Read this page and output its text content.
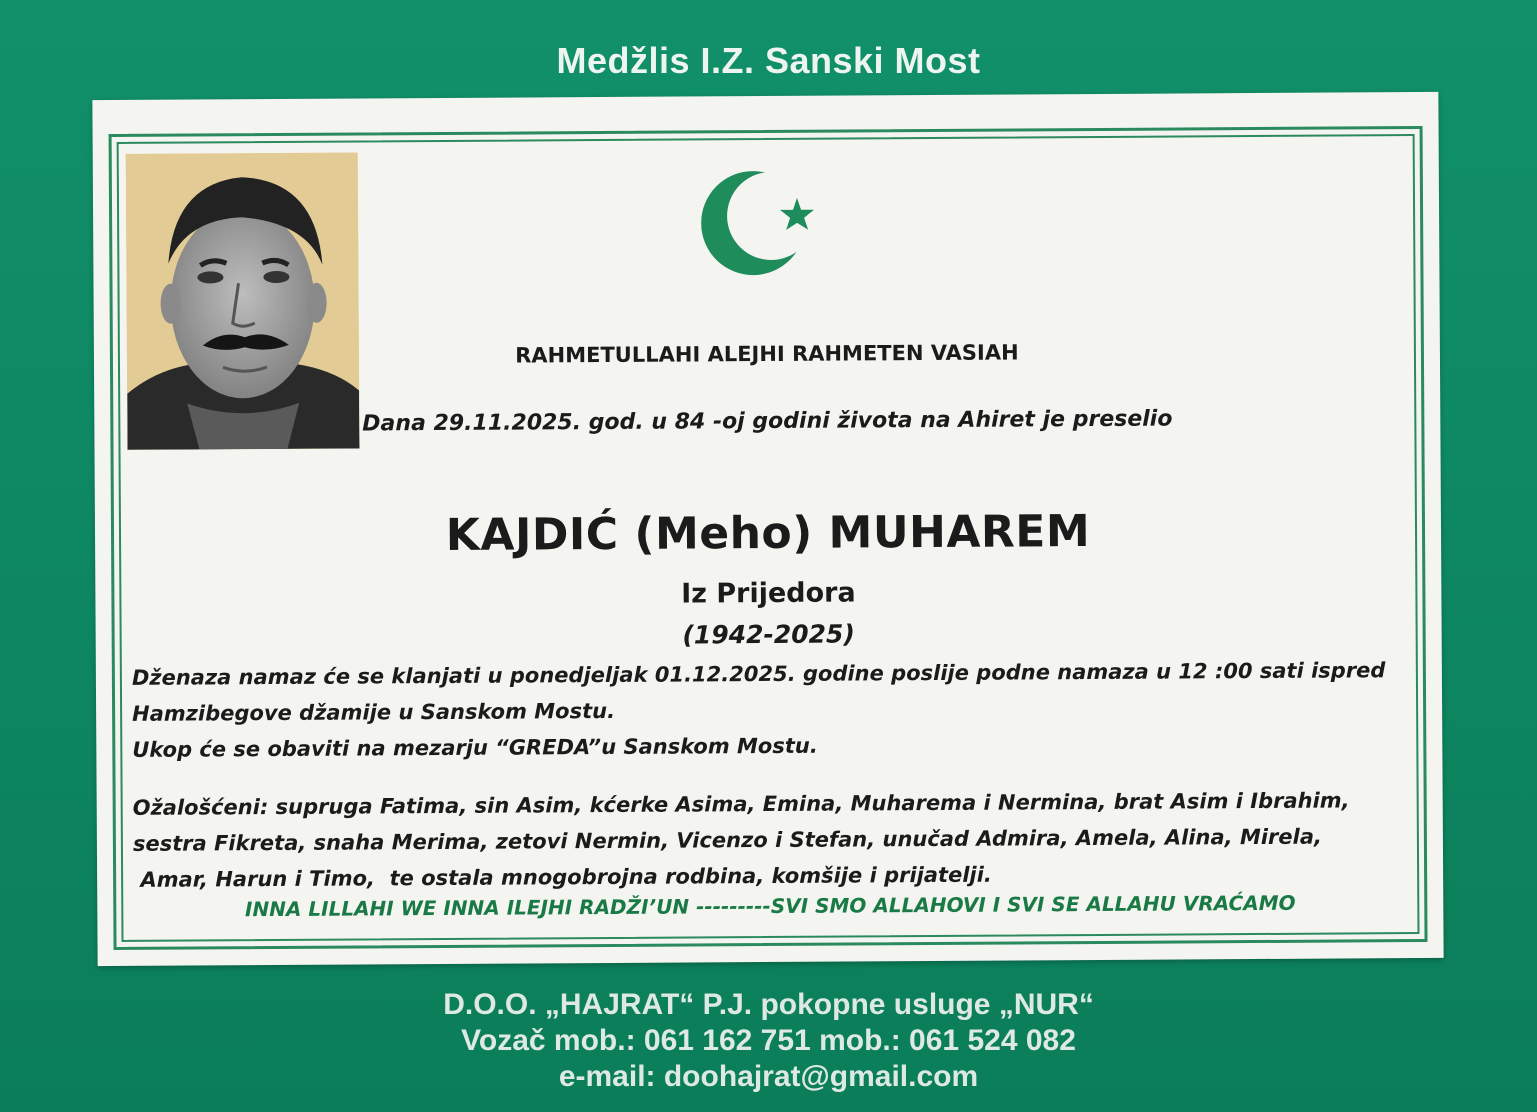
Medžlis I.Z. Sanski Most
RAHMETULLAHI ALEJHI RAHMETEN VASIAH
Dana 29.11.2025. god. u 84 -oj godini života na Ahiret je preselio
KAJDIĆ (Meho) MUHAREM
Iz Prijedora
(1942-2025)
Dženaza namaz će se klanjati u ponedjeljak 01.12.2025. godine poslije podne namaza u 12 :00 sati ispred
Hamzibegove džamije u Sanskom Mostu.
Ukop će se obaviti na mezarju “GREDA”u Sanskom Mostu.
Ožalošćeni: supruga Fatima, sin Asim, kćerke Asima, Emina, Muharema i Nermina, brat Asim i Ibrahim,
sestra Fikreta, snaha Merima, zetovi Nermin, Vicenzo i Stefan, unučad Admira, Amela, Alina, Mirela,
Amar, Harun i Timo,  te ostala mnogobrojna rodbina, komšije i prijatelji.
INNA LILLAHI WE INNA ILEJHI RADŽI’UN ---------SVI SMO ALLAHOVI I SVI SE ALLAHU VRAĆAMO
D.O.O. „HAJRAT“ P.J. pokopne usluge „NUR“
Vozač mob.: 061 162 751 mob.: 061 524 082
e-mail: doohajrat@gmail.com
